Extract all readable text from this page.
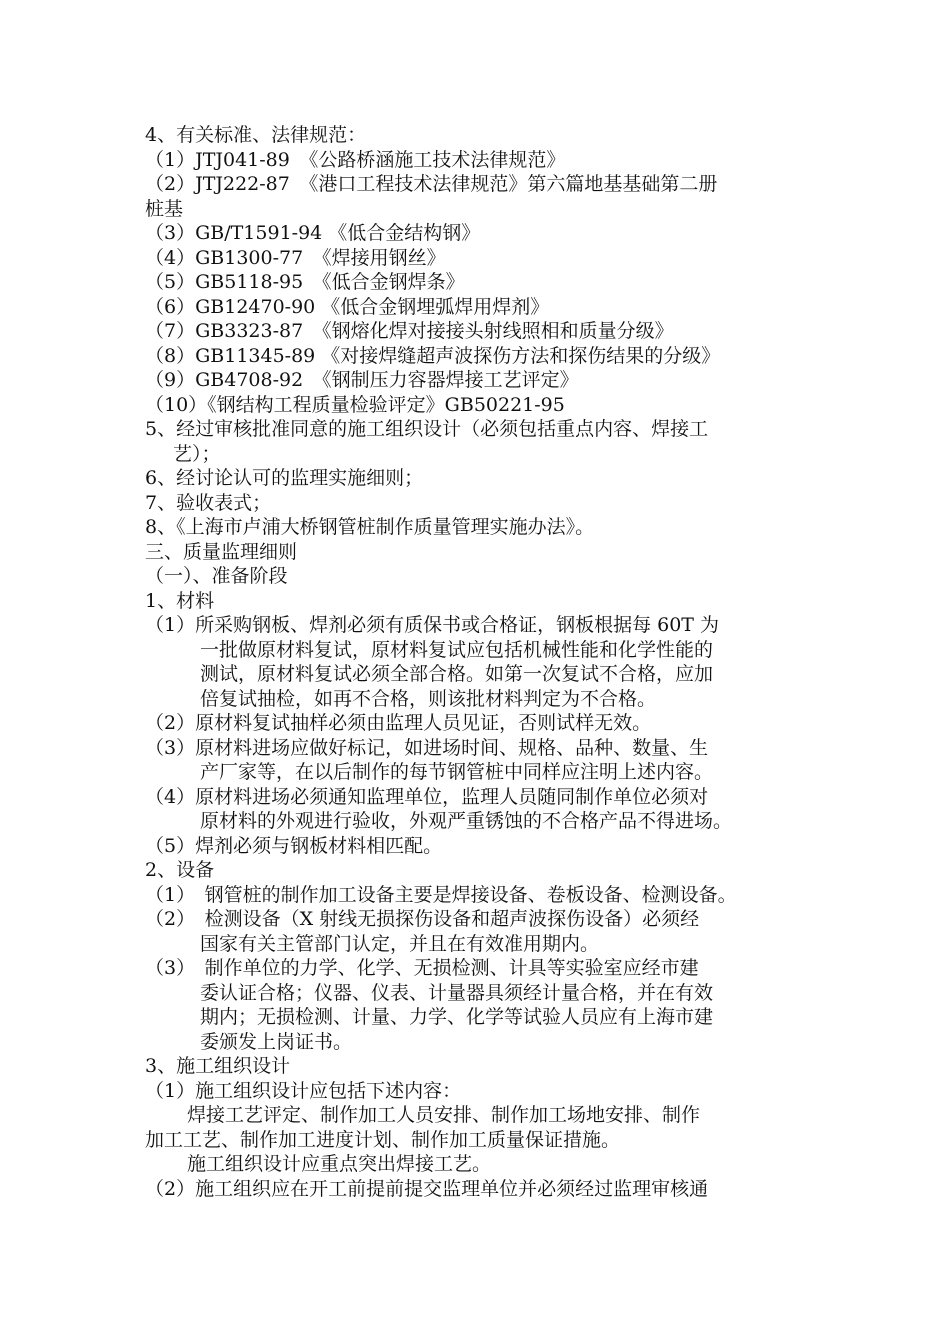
4、有关标准、法律规范：

（1）JTJ041-89　《公路桥涵施工技术法律规范》

（2）JTJ222-87　《港口工程技术法律规范》第六篇地基基础第二册

桩基

（3）GB/T1591-94 《低合金结构钢》

（4）GB1300-77　《焊接用钢丝》

（5）GB5118-95　《低合金钢焊条》

（6）GB12470-90 《低合金钢埋弧焊用焊剂》

（7）GB3323-87　《钢熔化焊对接接头射线照相和质量分级》

（8）GB11345-89 《对接焊缝超声波探伤方法和探伤结果的分级》

（9）GB4708-92　《钢制压力容器焊接工艺评定》

（10）《钢结构工程质量检验评定》GB50221-95

5、经过审核批准同意的施工组织设计（必须包括重点内容、焊接工

艺）；

6、经讨论认可的监理实施细则；

7、验收表式；

8、《上海市卢浦大桥钢管桩制作质量管理实施办法》。

三、质量监理细则

（一）、准备阶段

1、材料

（1）所采购钢板、焊剂必须有质保书或合格证，钢板根据每 60T 为

一批做原材料复试，原材料复试应包括机械性能和化学性能的

测试，原材料复试必须全部合格。如第一次复试不合格，应加

倍复试抽检，如再不合格，则该批材料判定为不合格。

（2）原材料复试抽样必须由监理人员见证，否则试样无效。

（3）原材料进场应做好标记，如进场时间、规格、品种、数量、生

产厂家等，在以后制作的每节钢管桩中同样应注明上述内容。

（4）原材料进场必须通知监理单位，监理人员随同制作单位必须对

原材料的外观进行验收，外观严重锈蚀的不合格产品不得进场。

（5）焊剂必须与钢板材料相匹配。

2、设备

（1）　钢管桩的制作加工设备主要是焊接设备、卷板设备、检测设备。

（2）　检测设备（X 射线无损探伤设备和超声波探伤设备）必须经

国家有关主管部门认定，并且在有效准用期内。

（3）　制作单位的力学、化学、无损检测、计具等实验室应经市建

委认证合格；仪器、仪表、计量器具须经计量合格，并在有效

期内；无损检测、计量、力学、化学等试验人员应有上海市建

委颁发上岗证书。

3、施工组织设计

（1）施工组织设计应包括下述内容：

焊接工艺评定、制作加工人员安排、制作加工场地安排、制作

加工工艺、制作加工进度计划、制作加工质量保证措施。

施工组织设计应重点突出焊接工艺。

（2）施工组织应在开工前提前提交监理单位并必须经过监理审核通
